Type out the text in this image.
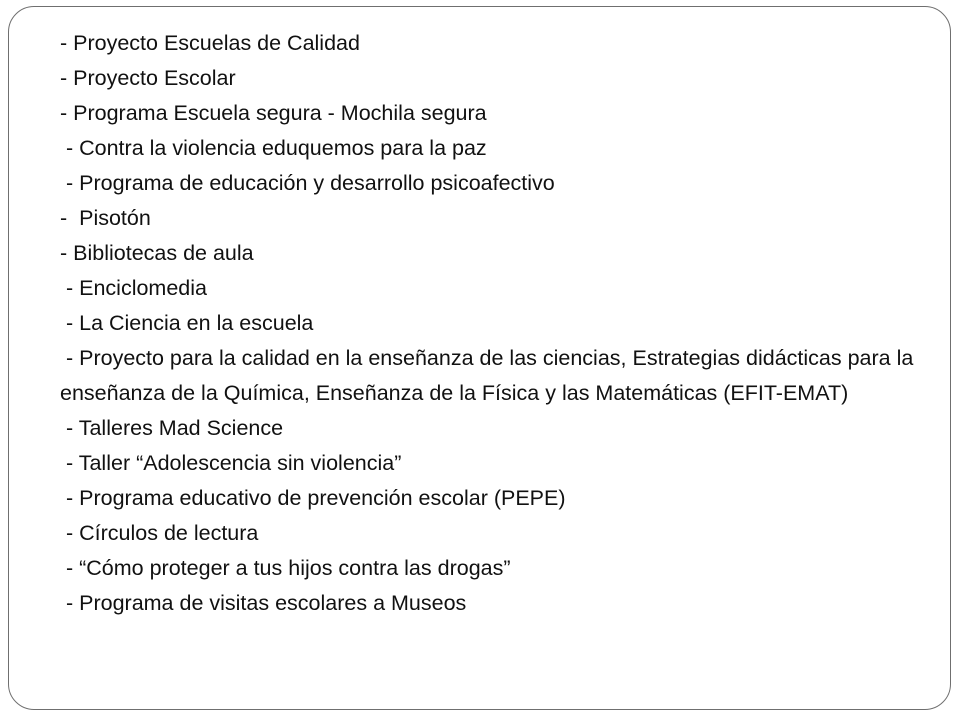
- Proyecto Escuelas de Calidad

- Proyecto Escolar

- Programa Escuela segura - Mochila segura

- Contra la violencia eduquemos para la paz

- Programa de educación y desarrollo psicoafectivo

-  Pisotón

- Bibliotecas de aula

- Enciclomedia

- La Ciencia en la escuela

- Proyecto para la calidad en la enseñanza de las ciencias, Estrategias didácticas para la enseñanza de la Química, Enseñanza de la Física y las Matemáticas (EFIT-EMAT)

- Talleres Mad Science

- Taller “Adolescencia sin violencia”

- Programa educativo de prevención escolar (PEPE)

- Círculos de lectura

- “Cómo proteger a tus hijos contra las drogas”

- Programa de visitas escolares a Museos
